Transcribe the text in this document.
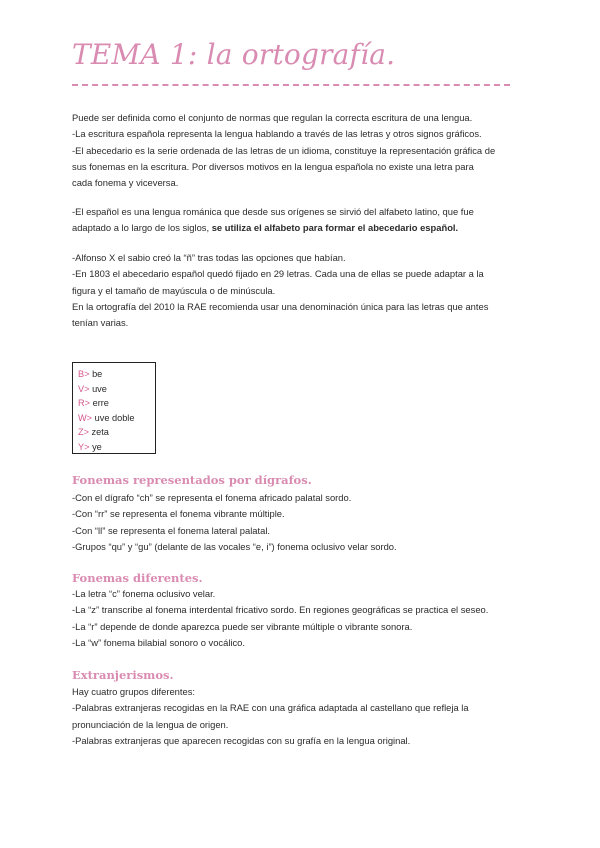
TEMA 1: la ortografía.
Puede ser definida como el conjunto de normas que regulan la correcta escritura de una lengua.
-La escritura española representa la lengua hablando a través de las letras y otros signos gráficos.
-El abecedario es la serie ordenada de las letras de un idioma, constituye la representación gráfica de
sus fonemas en la escritura. Por diversos motivos en la lengua española no existe una letra para
cada fonema y viceversa.
-El español es una lengua románica que desde sus orígenes se sirvió del alfabeto latino, que fue
adaptado a lo largo de los siglos, se utiliza el alfabeto para formar el abecedario español.
-Alfonso X el sabio creó la “ñ” tras todas las opciones que habían.
-En 1803 el abecedario español quedó fijado en 29 letras. Cada una de ellas se puede adaptar a la
figura y el tamaño de mayúscula o de minúscula.
En la ortografía del 2010 la RAE recomienda usar una denominación única para las letras que antes
tenían varias.
B> be
V> uve
R> erre
W> uve doble
Z> zeta
Y> ye
Fonemas representados por dígrafos.
-Con el dígrafo “ch” se representa el fonema africado palatal sordo.
-Con “rr” se representa el fonema vibrante múltiple.
-Con “ll” se representa el fonema lateral palatal.
-Grupos “qu” y “gu” (delante de las vocales “e, i”) fonema oclusivo velar sordo.
Fonemas diferentes.
-La letra “c” fonema oclusivo velar.
-La “z” transcribe al fonema interdental fricativo sordo. En regiones geográficas se practica el seseo.
-La “r” depende de donde aparezca puede ser vibrante múltiple o vibrante sonora.
-La “w” fonema bilabial sonoro o vocálico.
Extranjerismos.
Hay cuatro grupos diferentes:
-Palabras extranjeras recogidas en la RAE con una gráfica adaptada al castellano que refleja la
pronunciación de la lengua de origen.
-Palabras extranjeras que aparecen recogidas con su grafía en la lengua original.
